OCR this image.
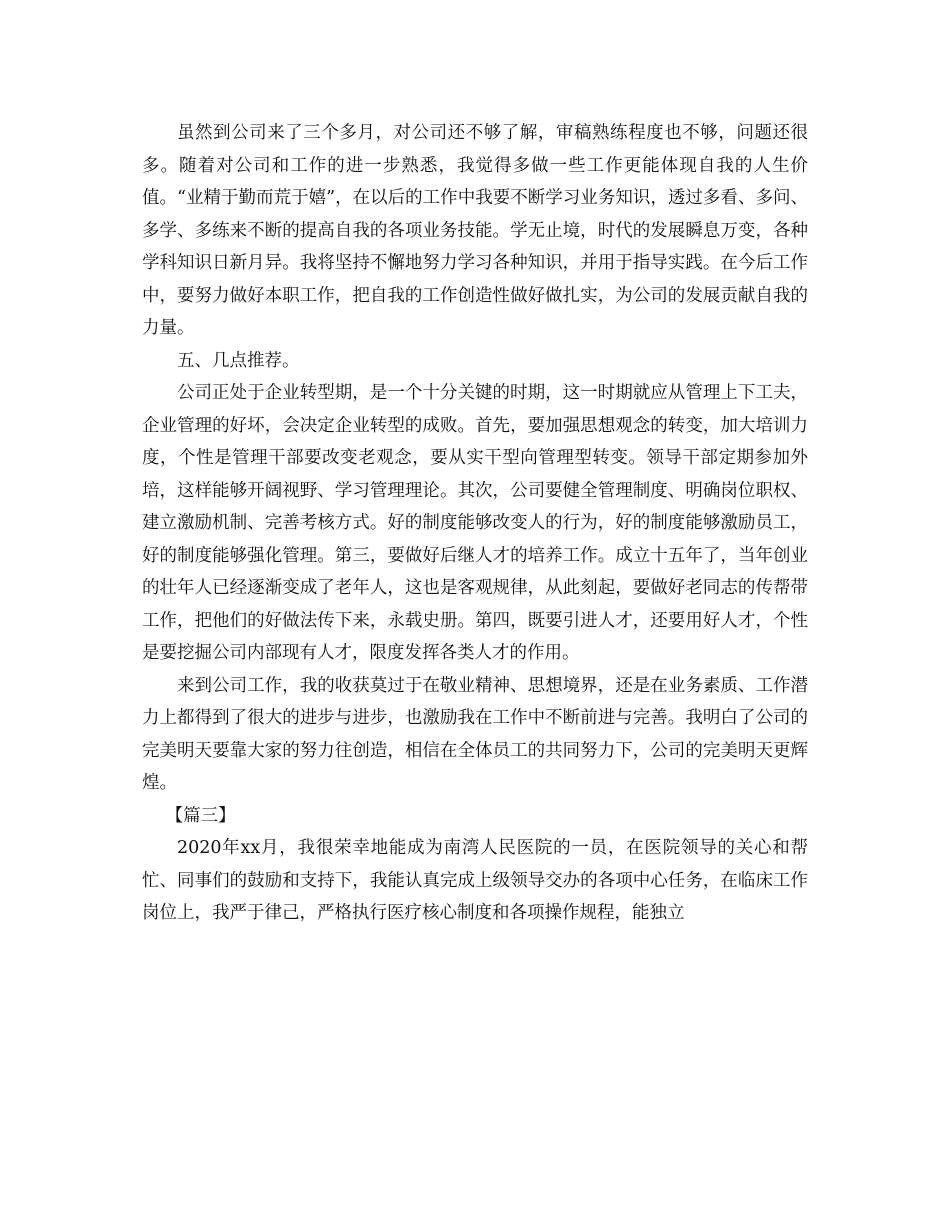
虽然到公司来了三个多月，对公司还不够了解，审稿熟练程度也不够，问题还很多。随着对公司和工作的进一步熟悉，我觉得多做一些工作更能体现自我的人生价值。“业精于勤而荒于嬉”，在以后的工作中我要不断学习业务知识，透过多看、多问、多学、多练来不断的提高自我的各项业务技能。学无止境，时代的发展瞬息万变，各种学科知识日新月异。我将坚持不懈地努力学习各种知识，并用于指导实践。在今后工作中，要努力做好本职工作，把自我的工作创造性做好做扎实，为公司的发展贡献自我的力量。

五、几点推荐。

公司正处于企业转型期，是一个十分关键的时期，这一时期就应从管理上下工夫，企业管理的好坏，会决定企业转型的成败。首先，要加强思想观念的转变，加大培训力度，个性是管理干部要改变老观念，要从实干型向管理型转变。领导干部定期参加外培，这样能够开阔视野、学习管理理论。其次，公司要健全管理制度、明确岗位职权、建立激励机制、完善考核方式。好的制度能够改变人的行为，好的制度能够激励员工，好的制度能够强化管理。第三，要做好后继人才的培养工作。成立十五年了，当年创业的壮年人已经逐渐变成了老年人，这也是客观规律，从此刻起，要做好老同志的传帮带工作，把他们的好做法传下来，永载史册。第四，既要引进人才，还要用好人才，个性是要挖掘公司内部现有人才，限度发挥各类人才的作用。

来到公司工作，我的收获莫过于在敬业精神、思想境界，还是在业务素质、工作潜力上都得到了很大的进步与进步，也激励我在工作中不断前进与完善。我明白了公司的完美明天要靠大家的努力往创造，相信在全体员工的共同努力下，公司的完美明天更辉煌。

【篇三】

2020年xx月，我很荣幸地能成为南湾人民医院的一员，在医院领导的关心和帮忙、同事们的鼓励和支持下，我能认真完成上级领导交办的各项中心任务，在临床工作岗位上，我严于律己，严格执行医疗核心制度和各项操作规程，能独立
